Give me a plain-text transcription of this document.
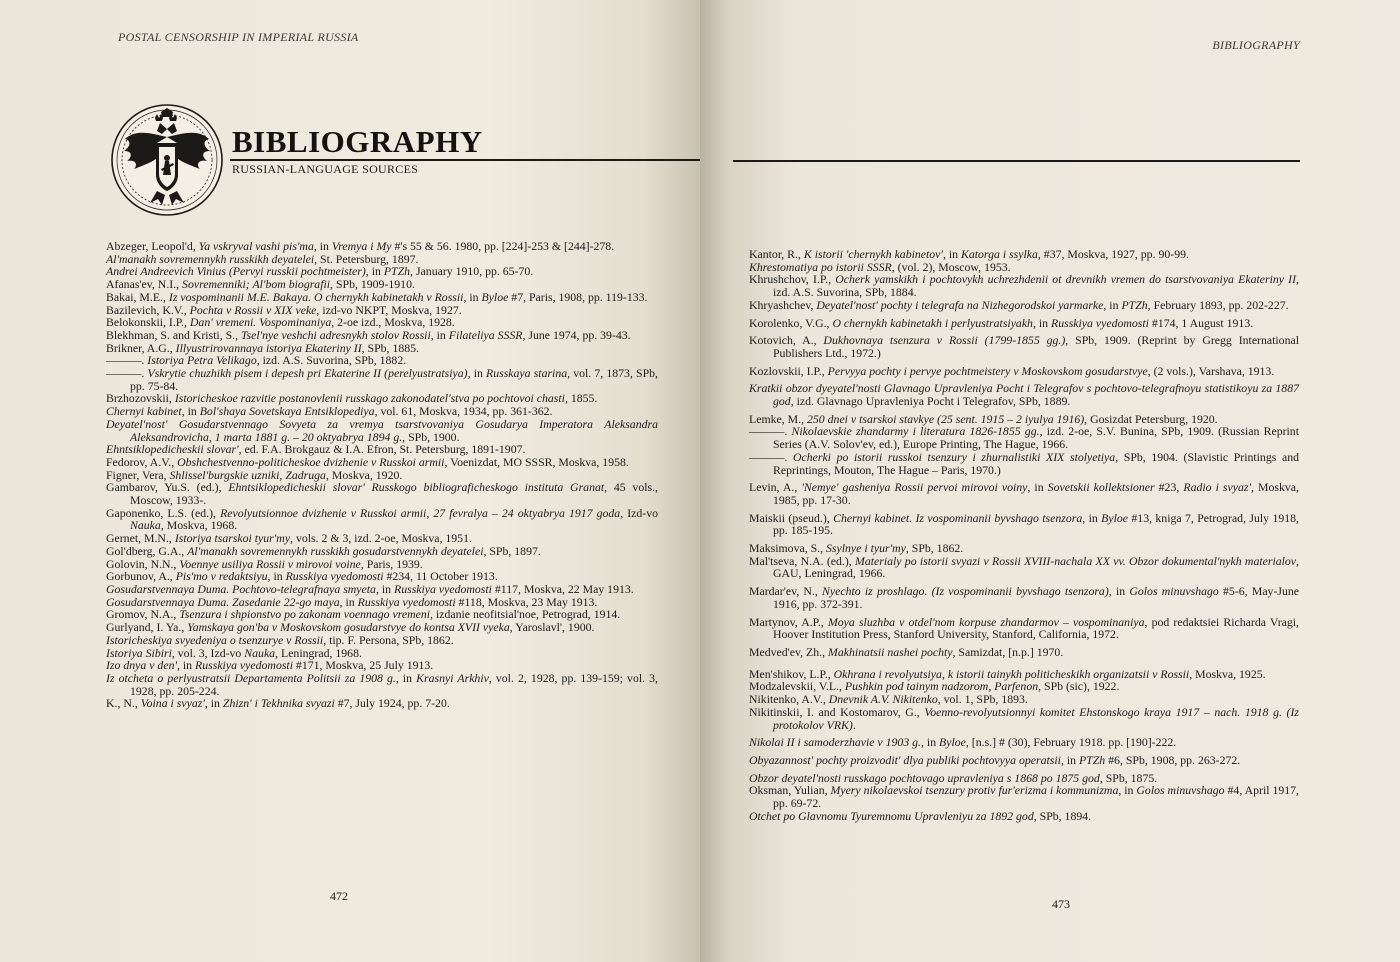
POSTAL CENSORSHIP IN IMPERIAL RUSSIA
BIBLIOGRAPHY
RUSSIAN-LANGUAGE SOURCES

Abzeger, Leopol'd, Ya vskryval vashi pis'ma, in Vremya i My #'s 55 & 56. 1980, pp. [224]-253 & [244]-278.

Al'manakh sovremennykh russkikh deyatelei, St. Petersburg, 1897.

Andrei Andreevich Vinius (Pervyi russkii pochtmeister), in PTZh, January 1910, pp. 65-70.

Afanas'ev, N.I., Sovremenniki; Al'bom biografii, SPb, 1909-1910.

Bakai, M.E., Iz vospominanii M.E. Bakaya. O chernykh kabinetakh v Rossii, in Byloe #7, Paris, 1908, pp. 119-133.

Bazilevich, K.V., Pochta v Rossii v XIX veke, izd-vo NKPT, Moskva, 1927.

Belokonskii, I.P., Dan' vremeni. Vospominaniya, 2-oe izd., Moskva, 1928.

Blekhman, S. and Kristi, S., Tsel'nye veshchi adresnykh stolov Rossii, in Filateliya SSSR, June 1974, pp. 39-43.

Brikner, A.G., Illyustrirovannaya istoriya Ekateriny II, SPb, 1885.

———. Istoriya Petra Velikago, izd. A.S. Suvorina, SPb, 1882.

———. Vskrytie chuzhikh pisem i depesh pri Ekaterine II (perelyustratsiya), in Russkaya starina, vol. 7, 1873, SPb, pp. 75-84.

Brzhozovskii, Istoricheskoe razvitie postanovlenii russkago zakonodatel'stva po pochtovoi chasti, 1855.

Chernyi kabinet, in Bol'shaya Sovetskaya Entsiklopediya, vol. 61, Moskva, 1934, pp. 361-362.

Deyatel'nost' Gosudarstvennago Sovyeta za vremya tsarstvovaniya Gosudarya Imperatora Aleksandra Aleksandrovicha, 1 marta 1881 g. – 20 oktyabrya 1894 g., SPb, 1900.

Ehntsiklopedicheskii slovar', ed. F.A. Brokgauz & I.A. Efron, St. Petersburg, 1891-1907.

Fedorov, A.V., Obshchestvenno-politicheskoe dvizhenie v Russkoi armii, Voenizdat, MO SSSR, Moskva, 1958.

Figner, Vera, Shlissel'burgskie uzniki, Zadruga, Moskva, 1920.

Gambarov, Yu.S. (ed.), Ehntsiklopedicheskii slovar' Russkogo bibliograficheskogo instituta Granat, 45 vols., Moscow, 1933-.

Gaponenko, L.S. (ed.), Revolyutsionnoe dvizhenie v Russkoi armii, 27 fevralya – 24 oktyabrya 1917 goda, Izd-vo Nauka, Moskva, 1968.

Gernet, M.N., Istoriya tsarskoi tyur'my, vols. 2 & 3, izd. 2-oe, Moskva, 1951.

Gol'dberg, G.A., Al'manakh sovremennykh russkikh gosudarstvennykh deyatelei, SPb, 1897.

Golovin, N.N., Voennye usiliya Rossii v mirovoi voine, Paris, 1939.

Gorbunov, A., Pis'mo v redaktsiyu, in Russkiya vyedomosti #234, 11 October 1913.

Gosudarstvennaya Duma. Pochtovo-telegrafnaya smyeta, in Russkiya vyedomosti #117, Moskva, 22 May 1913.

Gosudarstvennaya Duma. Zasedanie 22-go maya, in Russkiya vyedomosti #118, Moskva, 23 May 1913.

Gromov, N.A., Tsenzura i shpionstvo po zakonam voennago vremeni, izdanie neofitsial'noe, Petrograd, 1914.

Gurlyand, I. Ya., Yamskaya gon'ba v Moskovskom gosudarstvye do kontsa XVII vyeka, Yaroslavl', 1900.

Istoricheskiya svyedeniya o tsenzurye v Rossii, tip. F. Persona, SPb, 1862.

Istoriya Sibiri, vol. 3, Izd-vo Nauka, Leningrad, 1968.

Izo dnya v den', in Russkiya vyedomosti #171, Moskva, 25 July 1913.

Iz otcheta o perlyustratsii Departamenta Politsii za 1908 g., in Krasnyi Arkhiv, vol. 2, 1928, pp. 139-159; vol. 3, 1928, pp. 205-224.

K., N., Voina i svyaz', in Zhizn' i Tekhnika svyazi #7, July 1924, pp. 7-20.

472
BIBLIOGRAPHY

Kantor, R., K istorii 'chernykh kabinetov', in Katorga i ssylka, #37, Moskva, 1927, pp. 90-99.

Khrestomatiya po istorii SSSR, (vol. 2), Moscow, 1953.

Khrushchov, I.P., Ocherk yamskikh i pochtovykh uchrezhdenii ot drevnikh vremen do tsarstvovaniya Ekateriny II, izd. A.S. Suvorina, SPb, 1884.

Khryashchev, Deyatel'nost' pochty i telegrafa na Nizhegorodskoi yarmarke, in PTZh, February 1893, pp. 202-227.

Korolenko, V.G., O chernykh kabinetakh i perlyustratsiyakh, in Russkiya vyedomosti #174, 1 August 1913.

Kotovich, A., Dukhovnaya tsenzura v Rossii (1799-1855 gg.), SPb, 1909. (Reprint by Gregg International Publishers Ltd., 1972.)

Kozlovskii, I.P., Pervyya pochty i pervye pochtmeistery v Moskovskom gosudarstvye, (2 vols.), Varshava, 1913.

Kratkii obzor dyeyatel'nosti Glavnago Upravleniya Pocht i Telegrafov s pochtovo-telegrafnoyu statistikoyu za 1887 god, izd. Glavnago Upravleniya Pocht i Telegrafov, SPb, 1889.

Lemke, M., 250 dnei v tsarskoi stavkye (25 sent. 1915 – 2 iyulya 1916), Gosizdat Petersburg, 1920.

———. Nikolaevskie zhandarmy i literatura 1826-1855 gg., izd. 2-oe, S.V. Bunina, SPb, 1909. (Russian Reprint Series (A.V. Solov'ev, ed.), Europe Printing, The Hague, 1966.

———. Ocherki po istorii russkoi tsenzury i zhurnalistiki XIX stolyetiya, SPb, 1904. (Slavistic Printings and Reprintings, Mouton, The Hague – Paris, 1970.)

Levin, A., 'Nemye' gasheniya Rossii pervoi mirovoi voiny, in Sovetskii kollektsioner #23, Radio i svyaz', Moskva, 1985, pp. 17-30.

Maiskii (pseud.), Chernyi kabinet. Iz vospominanii byvshago tsenzora, in Byloe #13, kniga 7, Petrograd, July 1918, pp. 185-195.

Maksimova, S., Ssylnye i tyur'my, SPb, 1862.

Mal'tseva, N.A. (ed.), Materialy po istorii svyazi v Rossii XVIII-nachala XX vv. Obzor dokumental'nykh materialov, GAU, Leningrad, 1966.

Mardar'ev, N., Nyechto iz proshlago. (Iz vospominanii byvshago tsenzora), in Golos minuvshago #5-6, May-June 1916, pp. 372-391.

Martynov, A.P., Moya sluzhba v otdel'nom korpuse zhandarmov – vospominaniya, pod redaktsiei Richarda Vragi, Hoover Institution Press, Stanford University, Stanford, California, 1972.

Medved'ev, Zh., Makhinatsii nashei pochty, Samizdat, [n.p.] 1970.

Men'shikov, L.P., Okhrana i revolyutsiya, k istorii tainykh politicheskikh organizatsii v Rossii, Moskva, 1925.

Modzalevskii, V.L., Pushkin pod tainym nadzorom, Parfenon, SPb (sic), 1922.

Nikitenko, A.V., Dnevnik A.V. Nikitenko, vol. 1, SPb, 1893.

Nikitinskii, I. and Kostomarov, G., Voenno-revolyutsionnyi komitet Ehstonskogo kraya 1917 – nach. 1918 g. (Iz protokolov VRK).

Nikolai II i samoderzhavie v 1903 g., in Byloe, [n.s.] # (30), February 1918. pp. [190]-222.

Obyazannost' pochty proizvodit' dlya publiki pochtovyya operatsii, in PTZh #6, SPb, 1908, pp. 263-272.

Obzor deyatel'nosti russkago pochtovago upravleniya s 1868 po 1875 god, SPb, 1875.

Oksman, Yulian, Myery nikolaevskoi tsenzury protiv fur'erizma i kommunizma, in Golos minuvshago #4, April 1917, pp. 69-72.

Otchet po Glavnomu Tyuremnomu Upravleniyu za 1892 god, SPb, 1894.

473
